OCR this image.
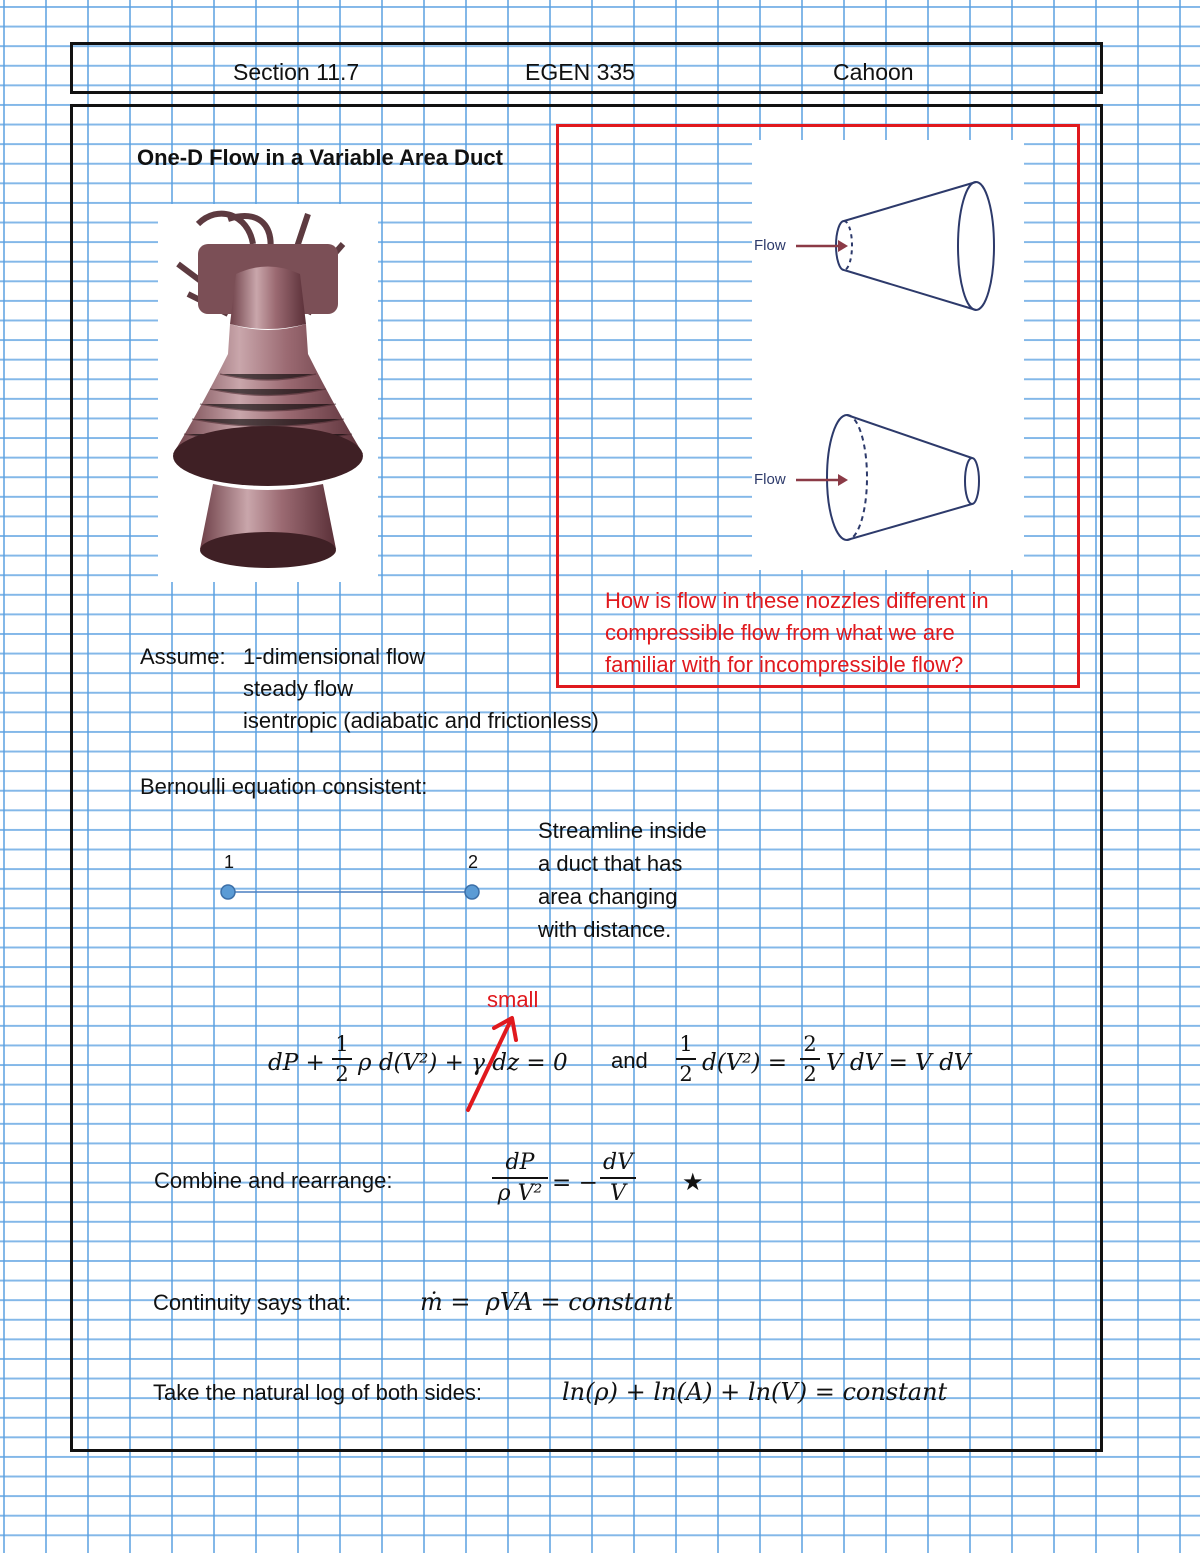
Section 11.7	EGEN 335	Cahoon
One-D Flow in a Variable Area Duct
Flow
Flow
How is flow in these nozzles different in
compressible flow from what we are
familiar with for incompressible flow?
Assume: 1-dimensional flow
steady flow
isentropic (adiabatic and frictionless)
Bernoulli equation consistent:
1	2
Streamline inside
a duct that has
area changing
with distance.
small
dP +
1
2 ρ d(V²) + γ dz = 0 and
1
2 d(V²) =
2
2 V dV = V dV
Combine and rearrange:
dP
ρ V² = −
dV
V	★
Continuity says that:	ṁ =  ρVA = constant
Take the natural log of both sides:	ln(ρ) + ln(A) + ln(V) = constant
